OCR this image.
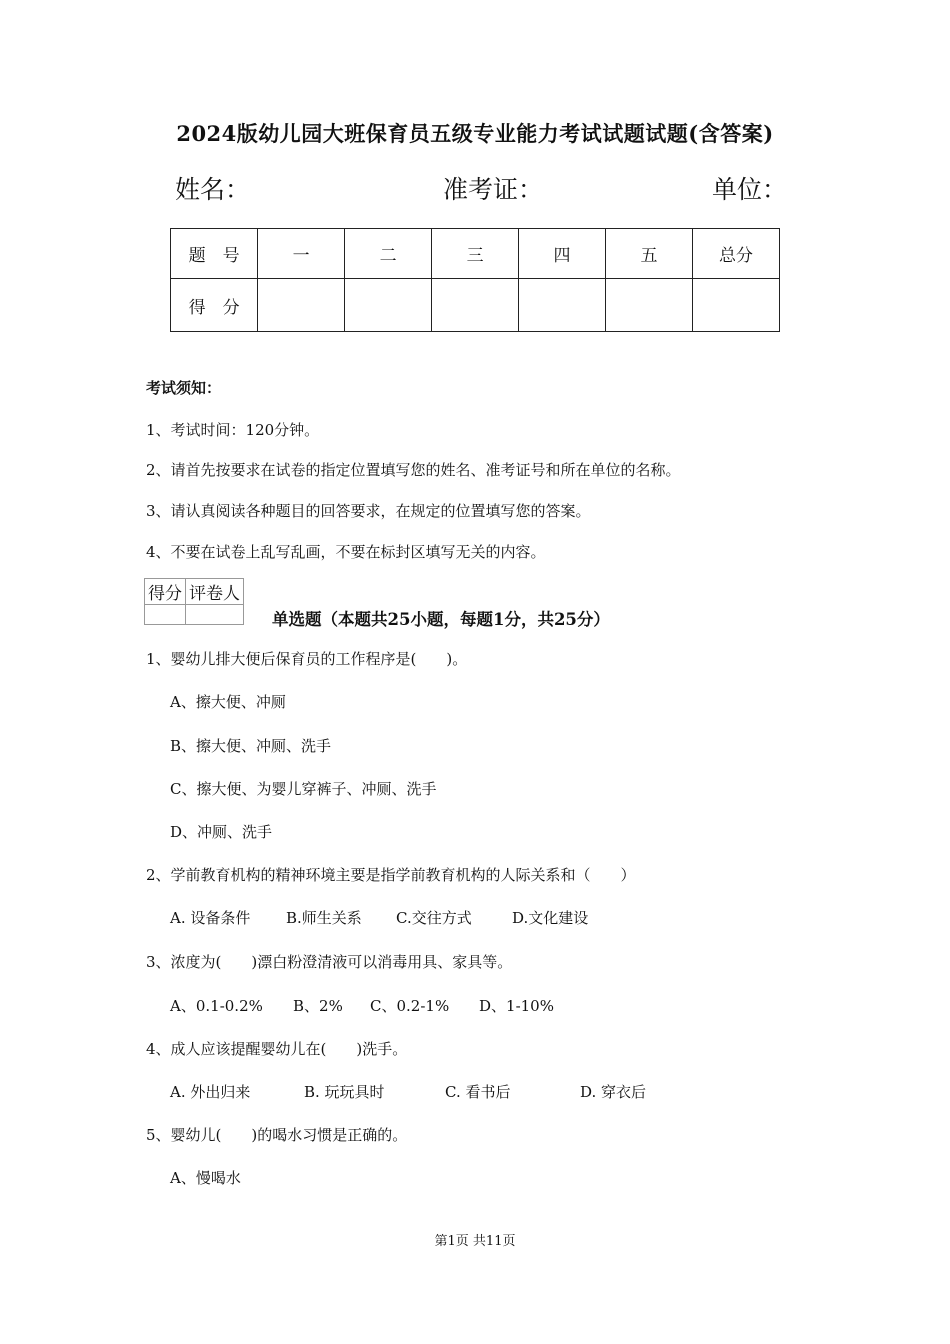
2024版幼儿园大班保育员五级专业能力考试试题试题(含答案)
姓名：	准考证：	单位：
题　号	一	二	三	四	五	总分
得　分						
考试须知：
1、考试时间：120分钟。
2、请首先按要求在试卷的指定位置填写您的姓名、准考证号和所在单位的名称。
3、请认真阅读各种题目的回答要求，在规定的位置填写您的答案。
4、不要在试卷上乱写乱画，不要在标封区填写无关的内容。
得分	评卷人

单选题（本题共25小题，每题1分，共25分）
1、婴幼儿排大便后保育员的工作程序是(　　)。
A、擦大便、冲厕
B、擦大便、冲厕、洗手
C、擦大便、为婴儿穿裤子、冲厕、洗手
D、冲厕、洗手
2、学前教育机构的精神环境主要是指学前教育机构的人际关系和（　　）
A. 设备条件 B.师生关系 C.交往方式	D.文化建设
3、浓度为(　　)漂白粉澄清液可以消毒用具、家具等。
A、0.1-0.2% B、2% C、0.2-1% D、1-10%
4、成人应该提醒婴幼儿在(　　)洗手。
A. 外出归来	B. 玩玩具时	C. 看书后	D. 穿衣后
5、婴幼儿(　　)的喝水习惯是正确的。
A、慢喝水
第1页 共11页
